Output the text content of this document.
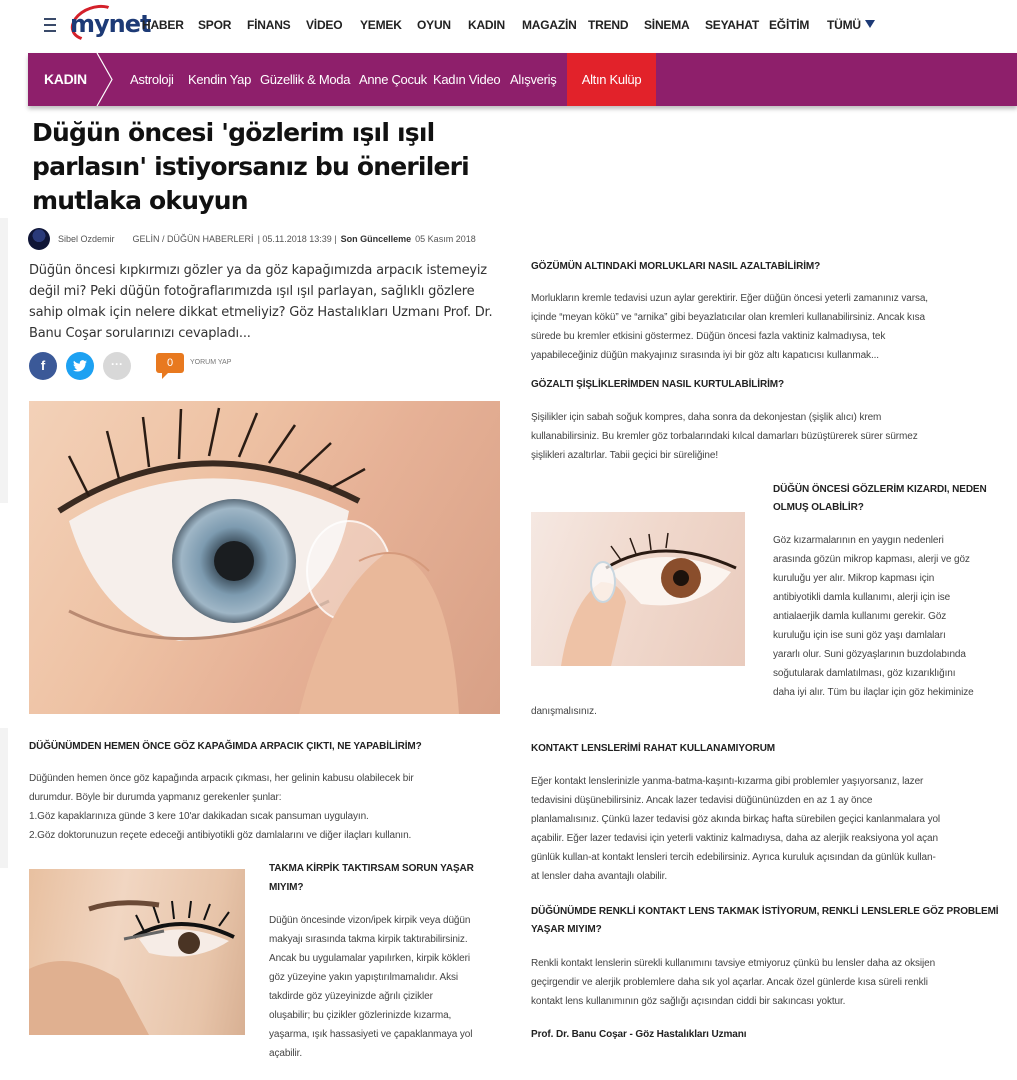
mynet
HABER SPOR FİNANS VİDEO YEMEK OYUN KADIN MAGAZİN TREND SİNEMA SEYAHAT EĞİTİM TÜMÜ
KADIN	Astroloji Kendin Yap Güzellik & Moda Anne Çocuk Kadın Video Alışveriş	Altın Kulüp
Düğün öncesi 'gözlerim ışıl ışıl parlasın' istiyorsanız bu önerileri mutlaka okuyun
Sibel Ozdemir GELİN / DÜĞÜN HABERLERİ | 05.11.2018 13:39 | Son Güncelleme 05 Kasım 2018

Düğün öncesi kıpkırmızı gözler ya da göz kapağımızda arpacık istemeyiz değil mi? Peki düğün fotoğraflarımızda ışıl ışıl parlayan, sağlıklı gözlere sahip olmak için nelere dikkat etmeliyiz? Göz Hastalıkları Uzmanı Prof. Dr. Banu Coşar sorularınızı cevapladı...

f	···	0	YORUM YAP
DÜĞÜNÜMDEN HEMEN ÖNCE GÖZ KAPAĞIMDA ARPACIK ÇIKTI, NE YAPABİLİRİM?
Düğünden hemen önce göz kapağında arpacık çıkması, her gelinin kabusu olabilecek bir
durumdur. Böyle bir durumda yapmanız gerekenler şunlar:
1.Göz kapaklarınıza günde 3 kere 10'ar dakikadan sıcak pansuman uygulayın.
2.Göz doktorunuzun reçete edeceği antibiyotikli göz damlalarını ve diğer ilaçları kullanın.
TAKMA KİRPİK TAKTIRSAM SORUN YAŞAR
MIYIM?
Düğün öncesinde vizon/ipek kirpik veya düğün
makyajı sırasında takma kirpik taktırabilirsiniz.
Ancak bu uygulamalar yapılırken, kirpik kökleri
göz yüzeyine yakın yapıştırılmamalıdır. Aksi
takdirde göz yüzeyinizde ağrılı çizikler
oluşabilir; bu çizikler gözlerinizde kızarma,
yaşarma, ışık hassasiyeti ve çapaklanmaya yol
açabilir.
GÖZÜMÜN ALTINDAKİ MORLUKLARI NASIL AZALTABİLİRİM?
Morlukların kremle tedavisi uzun aylar gerektirir. Eğer düğün öncesi yeterli zamanınız varsa,
içinde “meyan kökü” ve “arnika” gibi beyazlatıcılar olan kremleri kullanabilirsiniz. Ancak kısa
sürede bu kremler etkisini göstermez. Düğün öncesi fazla vaktiniz kalmadıysa, tek
yapabileceğiniz düğün makyajınız sırasında iyi bir göz altı kapatıcısı kullanmak...
GÖZALTI ŞİŞLİKLERİMDEN NASIL KURTULABİLİRİM?
Şişilikler için sabah soğuk kompres, daha sonra da dekonjestan (şişlik alıcı) krem
kullanabilirsiniz. Bu kremler göz torbalarındaki kılcal damarları büzüştürerek sürer sürmez
şişlikleri azaltırlar. Tabii geçici bir süreliğine!
DÜĞÜN ÖNCESİ GÖZLERİM KIZARDI, NEDEN
OLMUŞ OLABİLİR?
Göz kızarmalarının en yaygın nedenleri
arasında gözün mikrop kapması, alerji ve göz
kuruluğu yer alır. Mikrop kapması için
antibiyotikli damla kullanımı, alerji için ise
antialaerjik damla kullanımı gerekir. Göz
kuruluğu için ise suni göz yaşı damlaları
yararlı olur. Suni gözyaşlarının buzdolabında
soğutularak damlatılması, göz kızarıklığını
daha iyi alır. Tüm bu ilaçlar için göz hekiminize
danışmalısınız.
KONTAKT LENSLERİMİ RAHAT KULLANAMIYORUM
Eğer kontakt lenslerinizle yanma-batma-kaşıntı-kızarma gibi problemler yaşıyorsanız, lazer
tedavisini düşünebilirsiniz. Ancak lazer tedavisi düğününüzden en az 1 ay önce
planlamalısınız. Çünkü lazer tedavisi göz akında birkaç hafta sürebilen geçici kanlanmalara yol
açabilir. Eğer lazer tedavisi için yeterli vaktiniz kalmadıysa, daha az alerjik reaksiyona yol açan
günlük kullan-at kontakt lensleri tercih edebilirsiniz. Ayrıca kuruluk açısından da günlük kullan-
at lensler daha avantajlı olabilir.
DÜĞÜNÜMDE RENKLİ KONTAKT LENS TAKMAK İSTİYORUM, RENKLİ LENSLERLE GÖZ PROBLEMİ
YAŞAR MIYIM?
Renkli kontakt lenslerin sürekli kullanımını tavsiye etmiyoruz çünkü bu lensler daha az oksijen
geçirgendir ve alerjik problemlere daha sık yol açarlar. Ancak özel günlerde kısa süreli renkli
kontakt lens kullanımının göz sağlığı açısından ciddi bir sakıncası yoktur.
Prof. Dr. Banu Coşar - Göz Hastalıkları Uzmanı
